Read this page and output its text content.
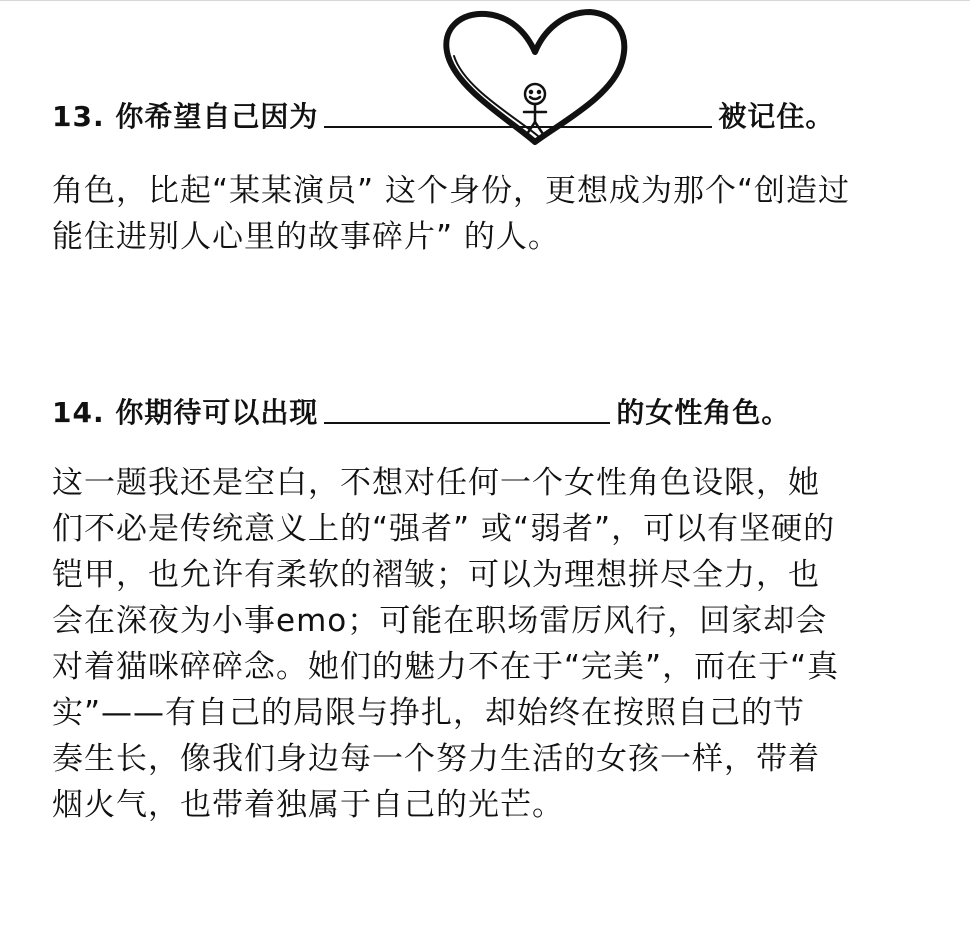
13. 你希望自己因为	被记住。
角色，比起“某某演员” 这个身份，更想成为那个“创造过
能住进别人心里的故事碎片” 的人。
14. 你期待可以出现	的女性角色。
这一题我还是空白，不想对任何一个女性角色设限，她
们不必是传统意义上的“强者” 或“弱者”，可以有坚硬的
铠甲，也允许有柔软的褶皱；可以为理想拼尽全力，也
会在深夜为小事emo；可能在职场雷厉风行，回家却会
对着猫咪碎碎念。她们的魅力不在于“完美”，而在于“真
实”——有自己的局限与挣扎，却始终在按照自己的节
奏生长，像我们身边每一个努力生活的女孩一样，带着
烟火气，也带着独属于自己的光芒。
